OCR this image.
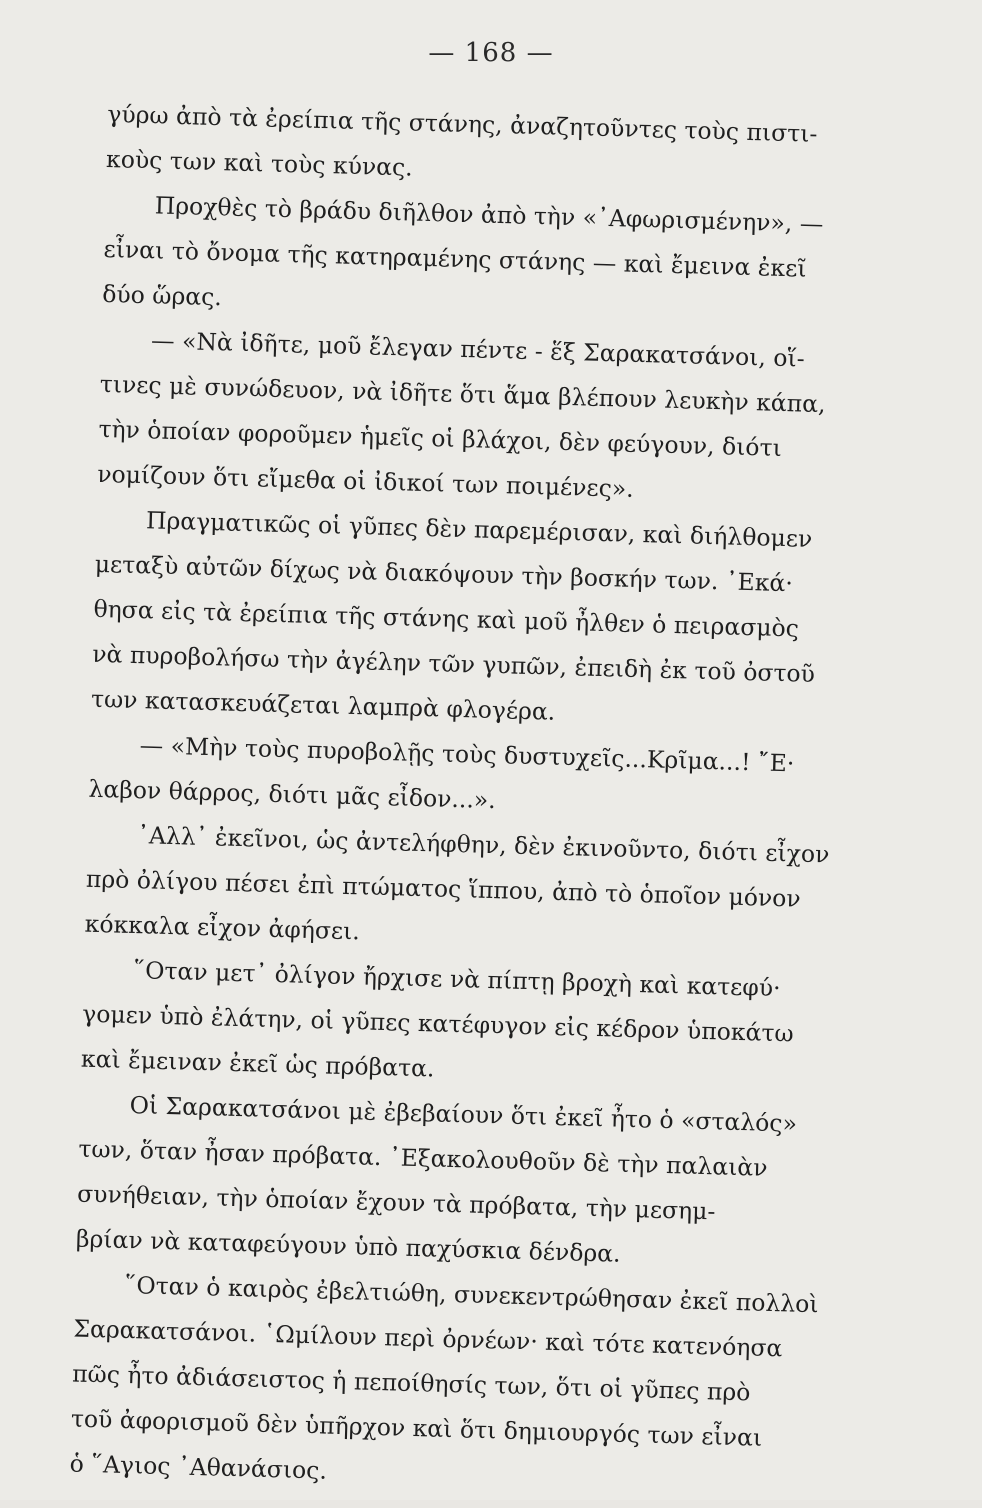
— 168 —
γύρω ἀπὸ τὰ ἐρείπια τῆς στάνης, ἀναζητοῦντες τοὺς πιστι-
κοὺς των καὶ τοὺς κύνας.
Προχθὲς τὸ βράδυ διῆλθον ἀπὸ τὴν «᾿Αφωρισμένην», —
εἶναι τὸ ὄνομα τῆς κατηραμένης στάνης — καὶ ἔμεινα ἐκεῖ
δύο ὥρας.
— «Νὰ ἰδῆτε, μοῦ ἔλεγαν πέντε - ἕξ Σαρακατσάνοι, οἵ-
τινες μὲ συνώδευον, νὰ ἰδῆτε ὅτι ἅμα βλέπουν λευκὴν κάπα,
τὴν ὁποίαν φοροῦμεν ἡμεῖς οἱ βλάχοι, δὲν φεύγουν, διότι
νομίζουν ὅτι εἴμεθα οἱ ἰδικοί των ποιμένες».
Πραγματικῶς οἱ γῦπες δὲν παρεμέρισαν, καὶ διήλθομεν
μεταξὺ αὐτῶν δίχως νὰ διακόψουν τὴν βοσκήν των. ᾿Εκά·
θησα εἰς τὰ ἐρείπια τῆς στάνης καὶ μοῦ ἦλθεν ὁ πειρασμὸς
νὰ πυροβολήσω τὴν ἀγέλην τῶν γυπῶν, ἐπειδὴ ἐκ τοῦ ὀστοῦ
των κατασκευάζεται λαμπρὰ φλογέρα.
— «Μὴν τοὺς πυροβολῇς τοὺς δυστυχεῖς...Κρῖμα...! ῎Ε·
λαβον θάρρος, διότι μᾶς εἶδον...».
᾿Αλλ᾿ ἐκεῖνοι, ὡς ἀντελήφθην, δὲν ἐκινοῦντο, διότι εἶχον
πρὸ ὀλίγου πέσει ἐπὶ πτώματος ἵππου, ἀπὸ τὸ ὁποῖον μόνον
κόκκαλα εἶχον ἀφήσει.
῞Οταν μετ᾿ ὀλίγον ἤρχισε νὰ πίπτῃ βροχὴ καὶ κατεφύ·
γομεν ὑπὸ ἐλάτην, οἱ γῦπες κατέφυγον εἰς κέδρον ὑποκάτω
καὶ ἔμειναν ἐκεῖ ὡς πρόβατα.
Οἱ Σαρακατσάνοι μὲ ἐβεβαίουν ὅτι ἐκεῖ ἦτο ὁ «σταλός»
των, ὅταν ἦσαν πρόβατα. ᾿Εξακολουθοῦν δὲ τὴν παλαιὰν
συνήθειαν, τὴν ὁποίαν ἔχουν τὰ πρόβατα, τὴν μεσημ-
βρίαν νὰ καταφεύγουν ὑπὸ παχύσκια δένδρα.
῞Οταν ὁ καιρὸς ἐβελτιώθη, συνεκεντρώθησαν ἐκεῖ πολλοὶ
Σαρακατσάνοι. ῾Ωμίλουν περὶ ὀρνέων· καὶ τότε κατενόησα
πῶς ἦτο ἀδιάσειστος ἡ πεποίθησίς των, ὅτι οἱ γῦπες πρὸ
τοῦ ἀφορισμοῦ δὲν ὑπῆρχον καὶ ὅτι δημιουργός των εἶναι
ὁ ῞Αγιος ᾿Αθανάσιος.
